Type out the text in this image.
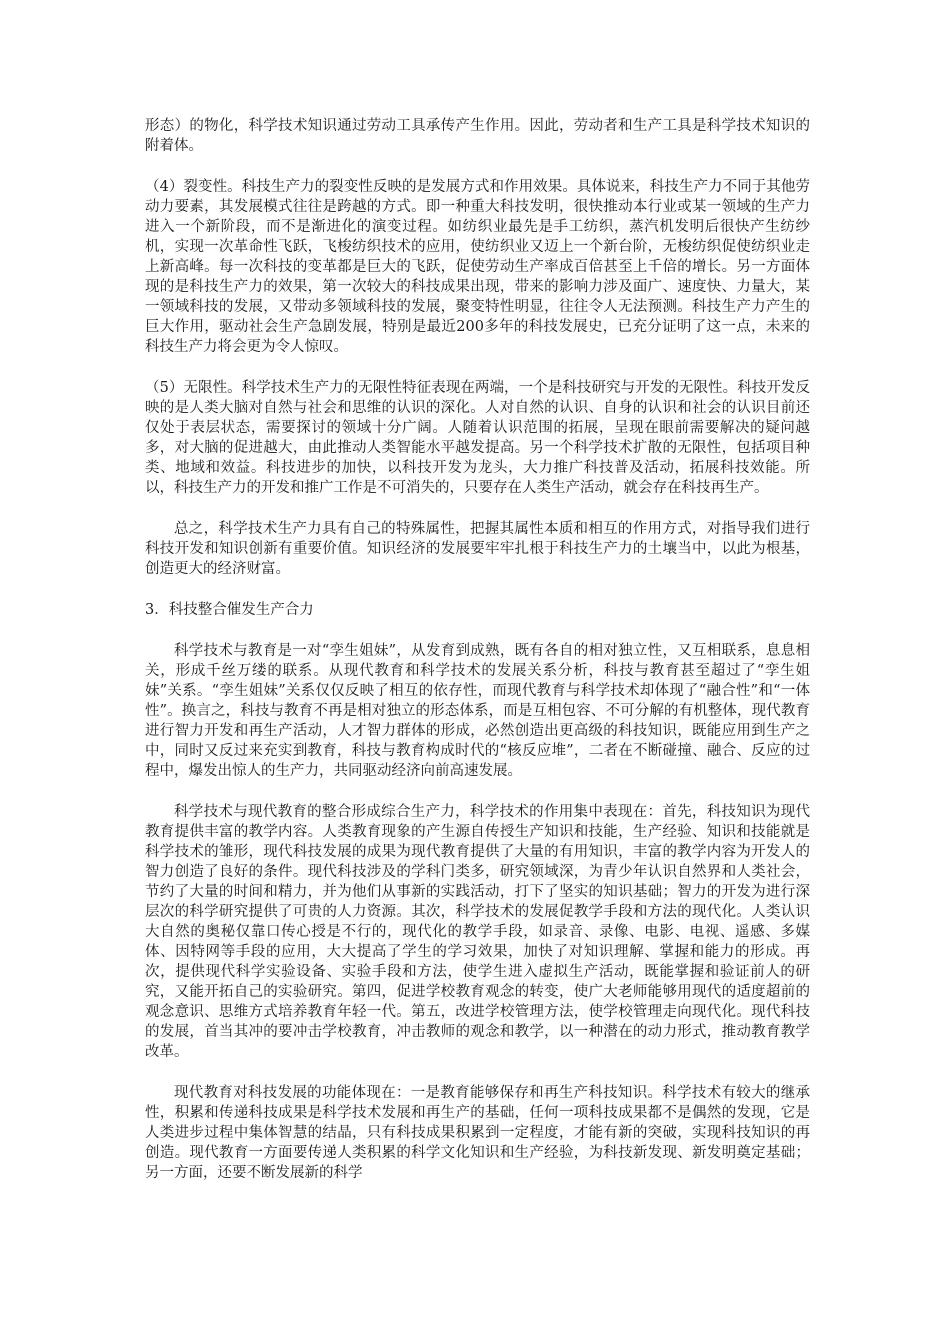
形态）的物化，科学技术知识通过劳动工具承传产生作用。因此，劳动者和生产工具是科学技术知识的附着体。

（4）裂变性。科技生产力的裂变性反映的是发展方式和作用效果。具体说来，科技生产力不同于其他劳动力要素，其发展模式往往是跨越的方式。即一种重大科技发明，很快推动本行业或某一领域的生产力进入一个新阶段，而不是渐进化的演变过程。如纺织业最先是手工纺织，蒸汽机发明后很快产生纺纱机，实现一次革命性飞跃，飞梭纺织技术的应用，使纺织业又迈上一个新台阶，无梭纺织促使纺织业走上新高峰。每一次科技的变革都是巨大的飞跃，促使劳动生产率成百倍甚至上千倍的增长。另一方面体现的是科技生产力的效果，第一次较大的科技成果出现，带来的影响力涉及面广、速度快、力量大，某一领域科技的发展，又带动多领域科技的发展，聚变特性明显，往往令人无法预测。科技生产力产生的巨大作用，驱动社会生产急剧发展，特别是最近200多年的科技发展史，已充分证明了这一点，未来的科技生产力将会更为令人惊叹。

（5）无限性。科学技术生产力的无限性特征表现在两端，一个是科技研究与开发的无限性。科技开发反映的是人类大脑对自然与社会和思维的认识的深化。人对自然的认识、自身的认识和社会的认识目前还仅处于表层状态，需要探讨的领域十分广阔。人随着认识范围的拓展，呈现在眼前需要解决的疑问越多，对大脑的促进越大，由此推动人类智能水平越发提高。另一个科学技术扩散的无限性，包括项目种类、地域和效益。科技进步的加快，以科技开发为龙头，大力推广科技普及活动，拓展科技效能。所以，科技生产力的开发和推广工作是不可消失的，只要存在人类生产活动，就会存在科技再生产。

总之，科学技术生产力具有自己的特殊属性，把握其属性本质和相互的作用方式，对指导我们进行科技开发和知识创新有重要价值。知识经济的发展要牢牢扎根于科技生产力的土壤当中，以此为根基，创造更大的经济财富。

3．科技整合催发生产合力

科学技术与教育是一对“孪生姐妹”，从发育到成熟，既有各自的相对独立性，又互相联系，息息相关，形成千丝万缕的联系。从现代教育和科学技术的发展关系分析，科技与教育甚至超过了“孪生姐妹”关系。“孪生姐妹”关系仅仅反映了相互的依存性，而现代教育与科学技术却体现了“融合性”和“一体性”。换言之，科技与教育不再是相对独立的形态体系，而是互相包容、不可分解的有机整体，现代教育进行智力开发和再生产活动，人才智力群体的形成，必然创造出更高级的科技知识，既能应用到生产之中，同时又反过来充实到教育，科技与教育构成时代的“核反应堆”，二者在不断碰撞、融合、反应的过程中，爆发出惊人的生产力，共同驱动经济向前高速发展。

科学技术与现代教育的整合形成综合生产力，科学技术的作用集中表现在：首先，科技知识为现代教育提供丰富的教学内容。人类教育现象的产生源自传授生产知识和技能，生产经验、知识和技能就是科学技术的雏形，现代科技发展的成果为现代教育提供了大量的有用知识，丰富的教学内容为开发人的智力创造了良好的条件。现代科技涉及的学科门类多，研究领域深，为青少年认识自然界和人类社会，节约了大量的时间和精力，并为他们从事新的实践活动，打下了坚实的知识基础；智力的开发为进行深层次的科学研究提供了可贵的人力资源。其次，科学技术的发展促教学手段和方法的现代化。人类认识大自然的奥秘仅靠口传心授是不行的，现代化的教学手段，如录音、录像、电影、电视、遥感、多媒体、因特网等手段的应用，大大提高了学生的学习效果，加快了对知识理解、掌握和能力的形成。再次，提供现代科学实验设备、实验手段和方法，使学生进入虚拟生产活动，既能掌握和验证前人的研究，又能开拓自己的实验研究。第四，促进学校教育观念的转变，使广大老师能够用现代的适度超前的观念意识、思维方式培养教育年轻一代。第五，改进学校管理方法，使学校管理走向现代化。现代科技的发展，首当其冲的要冲击学校教育，冲击教师的观念和教学，以一种潜在的动力形式，推动教育教学改革。

现代教育对科技发展的功能体现在：一是教育能够保存和再生产科技知识。科学技术有较大的继承性，积累和传递科技成果是科学技术发展和再生产的基础，任何一项科技成果都不是偶然的发现，它是人类进步过程中集体智慧的结晶，只有科技成果积累到一定程度，才能有新的突破，实现科技知识的再创造。现代教育一方面要传递人类积累的科学文化知识和生产经验，为科技新发现、新发明奠定基础；另一方面，还要不断发展新的科学
